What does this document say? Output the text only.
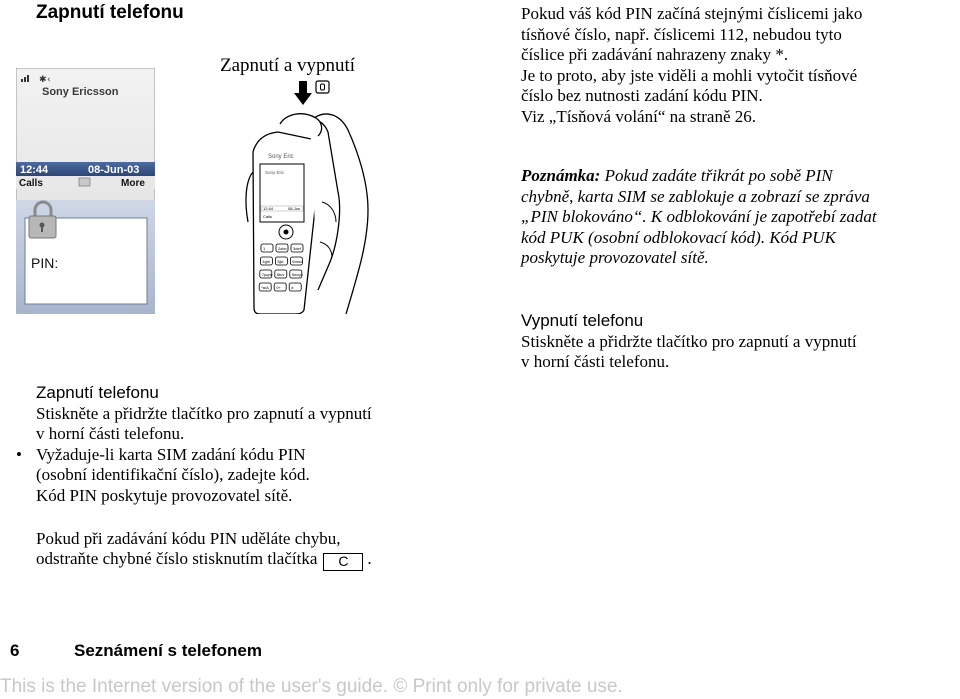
Zapnutí telefonu
✱ ‹
Sony Ericsson
12:44	08-Jun-03
Calls	More
PIN:
Sony Eric
Sony Eric
12:44	08-Jun
Calls
1	2abc 3def
4ghi 5jkl 6mno
7pqrs 8tuv 9wxyz
*a/A 0+	#
Zapnutí a vypnutí
Zapnutí telefonu
Stiskněte a přidržte tlačítko pro zapnutí a vypnutí
v horní části telefonu.
• Vyžaduje-li karta SIM zadání kódu PIN
(osobní identifikační číslo), zadejte kód.
Kód PIN poskytuje provozovatel sítě.
Pokud při zadávání kódu PIN uděláte chybu,
odstraňte chybné číslo stisknutím tlačítka C .
Pokud váš kód PIN začíná stejnými číslicemi jako
tísňové číslo, např. číslicemi 112, nebudou tyto
číslice při zadávání nahrazeny znaky *.
Je to proto, aby jste viděli a mohli vytočit tísňové
číslo bez nutnosti zadání kódu PIN.
Viz „Tísňová volání“ na straně 26.
Poznámka: Pokud zadáte třikrát po sobě PIN
chybně, karta SIM se zablokuje a zobrazí se zpráva
„PIN blokováno“. K odblokování je zapotřebí zadat
kód PUK (osobní odblokovací kód). Kód PUK
poskytuje provozovatel sítě.
Vypnutí telefonu
Stiskněte a přidržte tlačítko pro zapnutí a vypnutí
v horní části telefonu.
6	Seznámení s telefonem
This is the Internet version of the user's guide. © Print only for private use.
